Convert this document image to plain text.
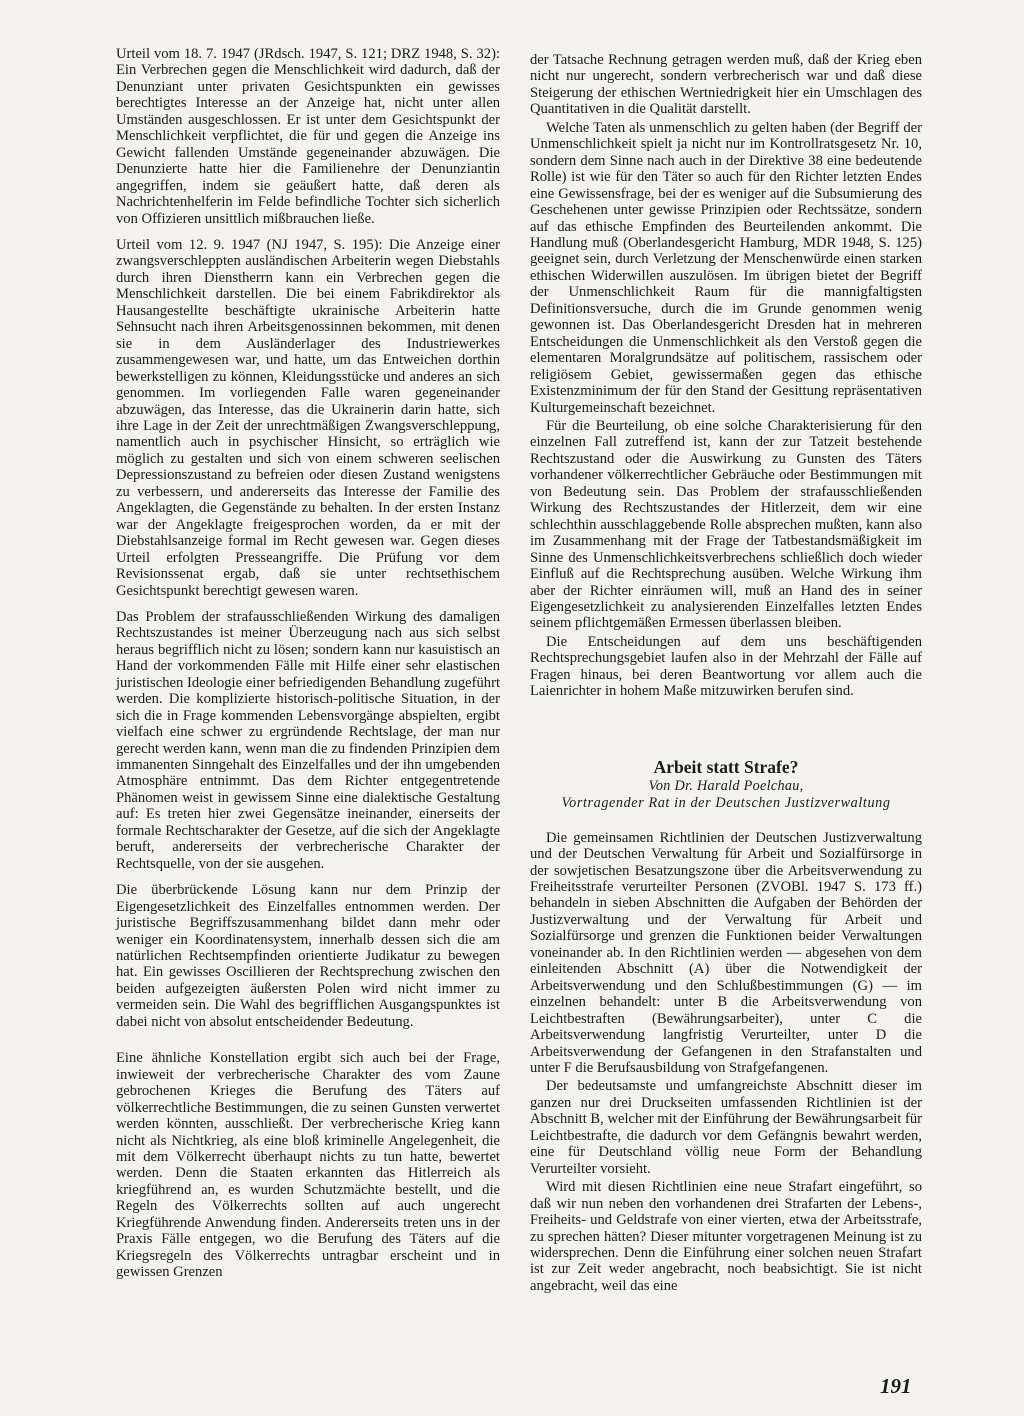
Urteil vom 18. 7. 1947 (JRdsch. 1947, S. 121; DRZ 1948, S. 32): Ein Verbrechen gegen die Menschlichkeit wird dadurch, daß der Denunziant unter privaten Gesichtspunkten ein gewisses berechtigtes Interesse an der Anzeige hat, nicht unter allen Umständen ausgeschlossen. Er ist unter dem Gesichtspunkt der Menschlichkeit verpflichtet, die für und gegen die Anzeige ins Gewicht fallenden Umstände gegeneinander abzuwägen. Die Denunzierte hatte hier die Familienehre der Denunziantin angegriffen, indem sie geäußert hatte, daß deren als Nachrichtenhelferin im Felde befindliche Tochter sich sicherlich von Offizieren unsittlich mißbrauchen ließe.

Urteil vom 12. 9. 1947 (NJ 1947, S. 195): Die Anzeige einer zwangsverschleppten ausländischen Arbeiterin wegen Diebstahls durch ihren Dienstherrn kann ein Verbrechen gegen die Menschlichkeit darstellen. Die bei einem Fabrikdirektor als Hausangestellte beschäftigte ukrainische Arbeiterin hatte Sehnsucht nach ihren Arbeitsgenossinnen bekommen, mit denen sie in dem Ausländerlager des Industriewerkes zusammengewesen war, und hatte, um das Entweichen dorthin bewerkstelligen zu können, Kleidungsstücke und anderes an sich genommen. Im vorliegenden Falle waren gegeneinander abzuwägen, das Interesse, das die Ukrainerin darin hatte, sich ihre Lage in der Zeit der unrechtmäßigen Zwangsverschleppung, namentlich auch in psychischer Hinsicht, so erträglich wie möglich zu gestalten und sich von einem schweren seelischen Depressionszustand zu befreien oder diesen Zustand wenigstens zu verbessern, und andererseits das Interesse der Familie des Angeklagten, die Gegenstände zu behalten. In der ersten Instanz war der Angeklagte freigesprochen worden, da er mit der Diebstahlsanzeige formal im Recht gewesen war. Gegen dieses Urteil erfolgten Presseangriffe. Die Prüfung vor dem Revisionssenat ergab, daß sie unter rechtsethischem Gesichtspunkt berechtigt gewesen waren.

Das Problem der strafausschließenden Wirkung des damaligen Rechtszustandes ist meiner Überzeugung nach aus sich selbst heraus begrifflich nicht zu lösen; sondern kann nur kasuistisch an Hand der vorkommenden Fälle mit Hilfe einer sehr elastischen juristischen Ideologie einer befriedigenden Behandlung zugeführt werden. Die komplizierte historisch-politische Situation, in der sich die in Frage kommenden Lebensvorgänge abspielten, ergibt vielfach eine schwer zu ergründende Rechtslage, der man nur gerecht werden kann, wenn man die zu findenden Prinzipien dem immanenten Sinngehalt des Einzelfalles und der ihn umgebenden Atmosphäre entnimmt. Das dem Richter entgegentretende Phänomen weist in gewissem Sinne eine dialektische Gestaltung auf: Es treten hier zwei Gegensätze ineinander, einerseits der formale Rechtscharakter der Gesetze, auf die sich der Angeklagte beruft, andererseits der verbrecherische Charakter der Rechtsquelle, von der sie ausgehen.

Die überbrückende Lösung kann nur dem Prinzip der Eigengesetzlichkeit des Einzelfalles entnommen werden. Der juristische Begriffszusammenhang bildet dann mehr oder weniger ein Koordinatensystem, innerhalb dessen sich die am natürlichen Rechtsempfinden orientierte Judikatur zu bewegen hat. Ein gewisses Oscillieren der Rechtsprechung zwischen den beiden aufgezeigten äußersten Polen wird nicht immer zu vermeiden sein. Die Wahl des begrifflichen Ausgangspunktes ist dabei nicht von absolut entscheidender Bedeutung.

Eine ähnliche Konstellation ergibt sich auch bei der Frage, inwieweit der verbrecherische Charakter des vom Zaune gebrochenen Krieges die Berufung des Täters auf völkerrechtliche Bestimmungen, die zu seinen Gunsten verwertet werden könnten, ausschließt. Der verbrecherische Krieg kann nicht als Nichtkrieg, als eine bloß kriminelle Angelegenheit, die mit dem Völkerrecht überhaupt nichts zu tun hatte, bewertet werden. Denn die Staaten erkannten das Hitlerreich als kriegführend an, es wurden Schutzmächte bestellt, und die Regeln des Völkerrechts sollten auf auch ungerecht Kriegführende Anwendung finden. Andererseits treten uns in der Praxis Fälle entgegen, wo die Berufung des Täters auf die Kriegsregeln des Völkerrechts untragbar erscheint und in gewissen Grenzen

der Tatsache Rechnung getragen werden muß, daß der Krieg eben nicht nur ungerecht, sondern verbrecherisch war und daß diese Steigerung der ethischen Wertniedrigkeit hier ein Umschlagen des Quantitativen in die Qualität darstellt.

Welche Taten als unmenschlich zu gelten haben (der Begriff der Unmenschlichkeit spielt ja nicht nur im Kontrollratsgesetz Nr. 10, sondern dem Sinne nach auch in der Direktive 38 eine bedeutende Rolle) ist wie für den Täter so auch für den Richter letzten Endes eine Gewissensfrage, bei der es weniger auf die Subsumierung des Geschehenen unter gewisse Prinzipien oder Rechtssätze, sondern auf das ethische Empfinden des Beurteilenden ankommt. Die Handlung muß (Oberlandesgericht Hamburg, MDR 1948, S. 125) geeignet sein, durch Verletzung der Menschenwürde einen starken ethischen Widerwillen auszulösen. Im übrigen bietet der Begriff der Unmenschlichkeit Raum für die mannigfaltigsten Definitionsversuche, durch die im Grunde genommen wenig gewonnen ist. Das Oberlandesgericht Dresden hat in mehreren Entscheidungen die Unmenschlichkeit als den Verstoß gegen die elementaren Moralgrundsätze auf politischem, rassischem oder religiösem Gebiet, gewissermaßen gegen das ethische Existenzminimum der für den Stand der Gesittung repräsentativen Kulturgemeinschaft bezeichnet.

Für die Beurteilung, ob eine solche Charakterisierung für den einzelnen Fall zutreffend ist, kann der zur Tatzeit bestehende Rechtszustand oder die Auswirkung zu Gunsten des Täters vorhandener völkerrechtlicher Gebräuche oder Bestimmungen mit von Bedeutung sein. Das Problem der strafausschließenden Wirkung des Rechtszustandes der Hitlerzeit, dem wir eine schlechthin ausschlaggebende Rolle absprechen mußten, kann also im Zusammenhang mit der Frage der Tatbestandsmäßigkeit im Sinne des Unmenschlichkeitsverbrechens schließlich doch wieder Einfluß auf die Rechtsprechung ausüben. Welche Wirkung ihm aber der Richter einräumen will, muß an Hand des in seiner Eigengesetzlichkeit zu analysierenden Einzelfalles letzten Endes seinem pflichtgemäßen Ermessen überlassen bleiben.

Die Entscheidungen auf dem uns beschäftigenden Rechtsprechungsgebiet laufen also in der Mehrzahl der Fälle auf Fragen hinaus, bei deren Beantwortung vor allem auch die Laienrichter in hohem Maße mitzuwirken berufen sind.

Arbeit statt Strafe?
Von Dr. Harald Poelchau,
Vortragender Rat in der Deutschen Justizverwaltung

Die gemeinsamen Richtlinien der Deutschen Justizverwaltung und der Deutschen Verwaltung für Arbeit und Sozialfürsorge in der sowjetischen Besatzungszone über die Arbeitsverwendung zu Freiheitsstrafe verurteilter Personen (ZVOBl. 1947 S. 173 ff.) behandeln in sieben Abschnitten die Aufgaben der Behörden der Justizverwaltung und der Verwaltung für Arbeit und Sozialfürsorge und grenzen die Funktionen beider Verwaltungen voneinander ab. In den Richtlinien werden — abgesehen von dem einleitenden Abschnitt (A) über die Notwendigkeit der Arbeitsverwendung und den Schlußbestimmungen (G) — im einzelnen behandelt: unter B die Arbeitsverwendung von Leichtbestraften (Bewährungsarbeiter), unter C die Arbeitsverwendung langfristig Verurteilter, unter D die Arbeitsverwendung der Gefangenen in den Strafanstalten und unter F die Berufsausbildung von Strafgefangenen.

Der bedeutsamste und umfangreichste Abschnitt dieser im ganzen nur drei Druckseiten umfassenden Richtlinien ist der Abschnitt B, welcher mit der Einführung der Bewährungsarbeit für Leichtbestrafte, die dadurch vor dem Gefängnis bewahrt werden, eine für Deutschland völlig neue Form der Behandlung Verurteilter vorsieht.

Wird mit diesen Richtlinien eine neue Strafart eingeführt, so daß wir nun neben den vorhandenen drei Strafarten der Lebens-, Freiheits- und Geldstrafe von einer vierten, etwa der Arbeitsstrafe, zu sprechen hätten? Dieser mitunter vorgetragenen Meinung ist zu widersprechen. Denn die Einführung einer solchen neuen Strafart ist zur Zeit weder angebracht, noch beabsichtigt. Sie ist nicht angebracht, weil das eine

191
